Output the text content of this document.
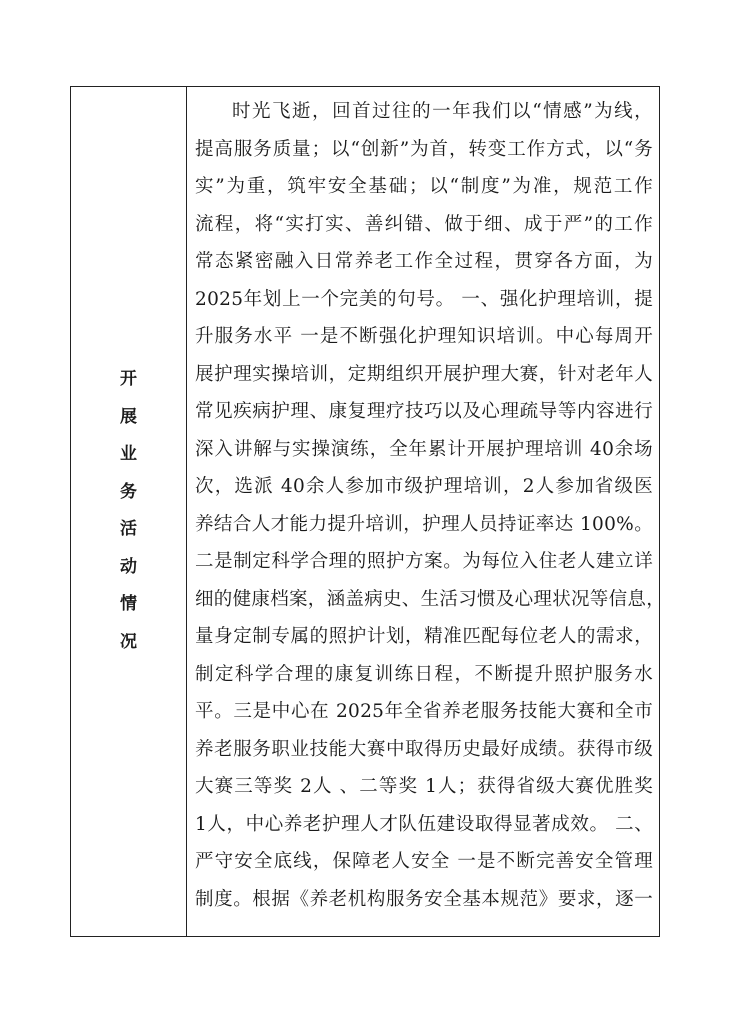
开
展
业
务
活
动
情
况
时光飞逝，回首过往的一年我们以“情感”为线，
提高服务质量；以“创新”为首，转变工作方式，以“务
实”为重，筑牢安全基础；以“制度”为准，规范工作
流程，将“实打实、善纠错、做于细、成于严”的工作
常态紧密融入日常养老工作全过程，贯穿各方面，为
2025年划上一个完美的句号。 一、强化护理培训，提
升服务水平 一是不断强化护理知识培训。中心每周开
展护理实操培训，定期组织开展护理大赛，针对老年人
常见疾病护理、康复理疗技巧以及心理疏导等内容进行
深入讲解与实操演练，全年累计开展护理培训 40余场
次，选派 40余人参加市级护理培训，2人参加省级医
养结合人才能力提升培训，护理人员持证率达 100%。
二是制定科学合理的照护方案。为每位入住老人建立详
细的健康档案，涵盖病史、生活习惯及心理状况等信息，
量身定制专属的照护计划，精准匹配每位老人的需求，
制定科学合理的康复训练日程，不断提升照护服务水
平。三是中心在 2025年全省养老服务技能大赛和全市
养老服务职业技能大赛中取得历史最好成绩。获得市级
大赛三等奖 2人 、二等奖 1人；获得省级大赛优胜奖
1人，中心养老护理人才队伍建设取得显著成效。 二、
严守安全底线，保障老人安全 一是不断完善安全管理
制度。根据《养老机构服务安全基本规范》要求，逐一
